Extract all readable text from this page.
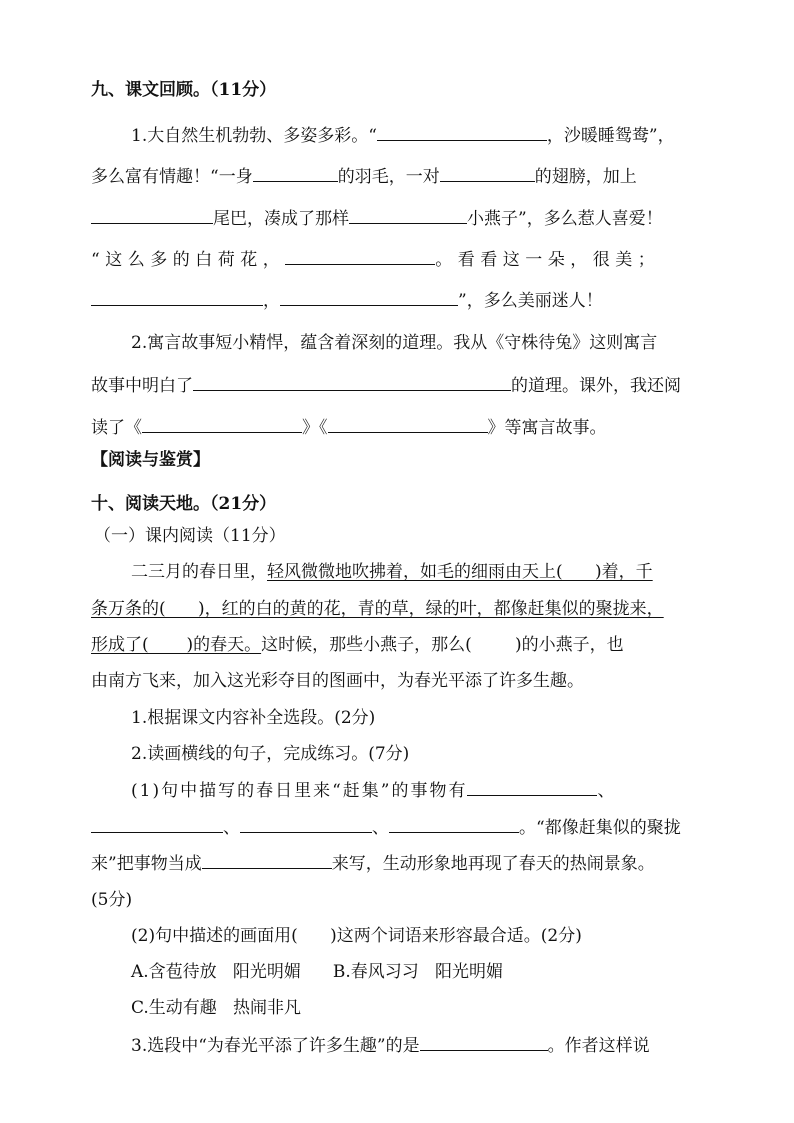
九、课文回顾。（11分）
1.大自然生机勃勃、多姿多彩。“	，沙暖睡鸳鸯”，
多么富有情趣！“一身	的羽毛，一对	的翅膀，加上
尾巴，凑成了那样	小燕子”，多么惹人喜爱！
“这么多的白荷花，	。看看这一朵，很美；
，	”，多么美丽迷人！
2.寓言故事短小精悍，蕴含着深刻的道理。我从《守株待兔》这则寓言
故事中明白了	的道理。课外，我还阅
读了《	》《	》等寓言故事。
【阅读与鉴赏】
十、阅读天地。（21分）
（一）课内阅读（11分）
二三月的春日里，轻风微微地吹拂着，如毛的细雨由天上(      )着，千
条万条的(      )，红的白的黄的花，青的草，绿的叶，都像赶集似的聚拢来，
形成了(       )的春天。这时候，那些小燕子，那么(        )的小燕子，也
由南方飞来，加入这光彩夺目的图画中，为春光平添了许多生趣。
1.根据课文内容补全选段。(2分)
2.读画横线的句子，完成练习。(7分)
(1)句中描写的春日里来“赶集”的事物有	、
、	、	。“都像赶集似的聚拢
来”把事物当成	来写，生动形象地再现了春天的热闹景象。
(5分)
(2)句中描述的画面用(      )这两个词语来形容最合适。(2分)
A.含苞待放   阳光明媚 B.春风习习   阳光明媚
C.生动有趣   热闹非凡
3.选段中“为春光平添了许多生趣”的是	。作者这样说
